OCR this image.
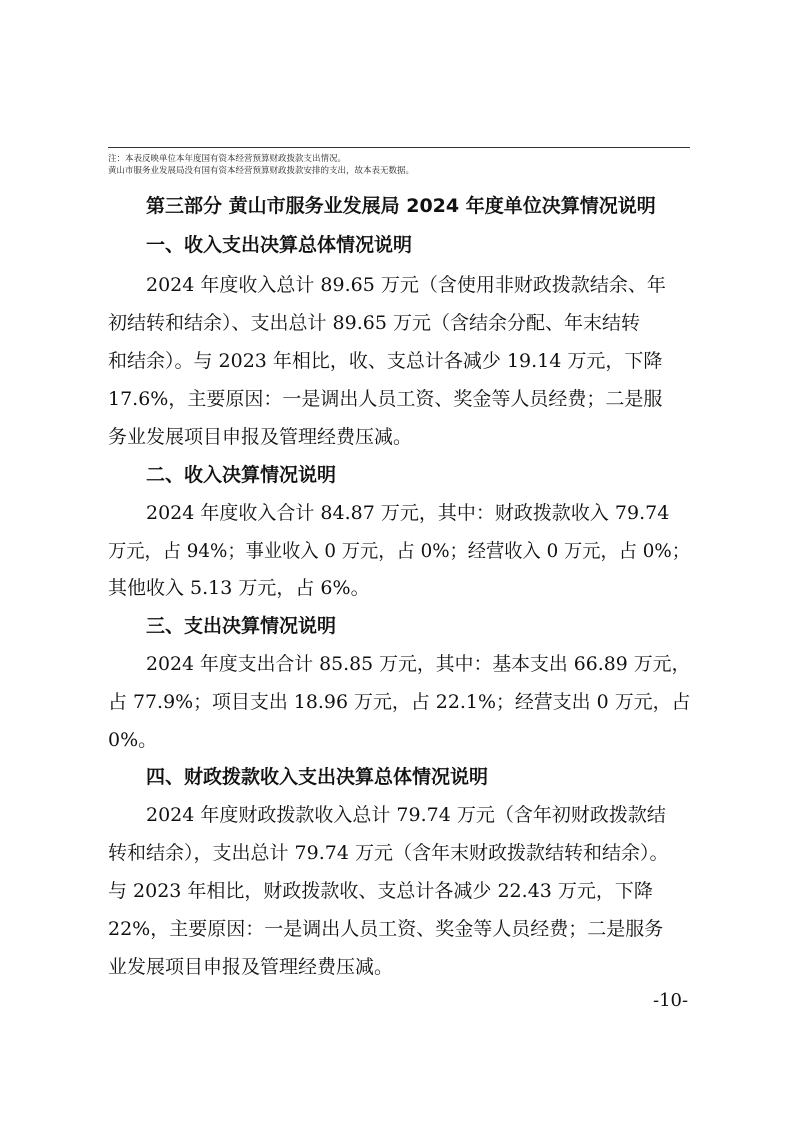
注：本表反映单位本年度国有资本经营预算财政拨款支出情况。
黄山市服务业发展局没有国有资本经营预算财政拨款安排的支出，故本表无数据。
第三部分 黄山市服务业发展局 2024 年度单位决算情况说明
一、收入支出决算总体情况说明
2024 年度收入总计 89.65 万元（含使用非财政拨款结余、年
初结转和结余）、支出总计 89.65 万元（含结余分配、年末结转
和结余）。与 2023 年相比，收、支总计各减少 19.14 万元，下降
17.6%，主要原因：一是调出人员工资、奖金等人员经费；二是服
务业发展项目申报及管理经费压减。
二、收入决算情况说明
2024 年度收入合计 84.87 万元，其中：财政拨款收入 79.74
万元，占 94%；事业收入 0 万元，占 0%；经营收入 0 万元，占 0%；
其他收入 5.13 万元，占 6%。
三、支出决算情况说明
2024 年度支出合计 85.85 万元，其中：基本支出 66.89 万元，
占 77.9%；项目支出 18.96 万元，占 22.1%；经营支出 0 万元，占
0%。
四、财政拨款收入支出决算总体情况说明
2024 年度财政拨款收入总计 79.74 万元（含年初财政拨款结
转和结余），支出总计 79.74 万元（含年末财政拨款结转和结余）。
与 2023 年相比，财政拨款收、支总计各减少 22.43 万元，下降
22%，主要原因：一是调出人员工资、奖金等人员经费；二是服务
业发展项目申报及管理经费压减。
-10-
